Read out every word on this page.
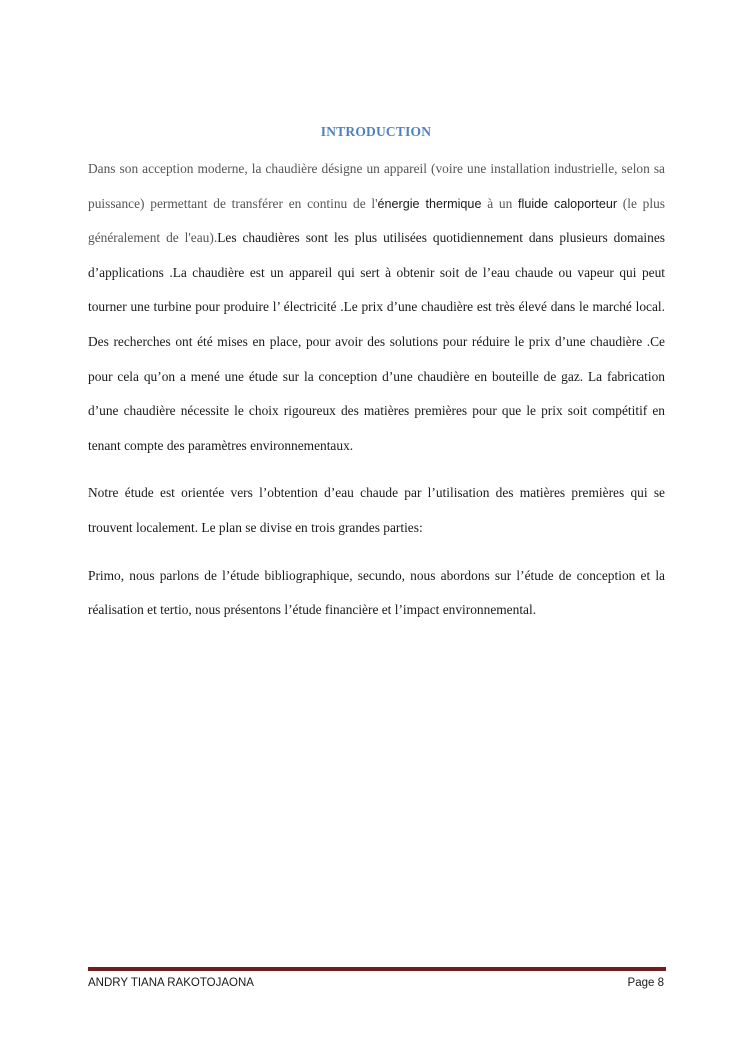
INTRODUCTION

Dans son acception moderne, la chaudière désigne un appareil (voire une installation industrielle, selon sa puissance) permettant de transférer en continu de l'énergie thermique à un fluide caloporteur (le plus généralement de l'eau).Les chaudières sont les plus utilisées quotidiennement dans plusieurs domaines d’applications .La chaudière est un appareil qui sert à obtenir soit de l’eau chaude ou vapeur qui peut tourner une turbine pour produire l’ électricité .Le prix d’une chaudière est très élevé dans le marché local. Des recherches ont été mises en place, pour avoir des solutions pour réduire le prix d’une chaudière .Ce pour cela qu’on a mené une étude sur la conception d’une chaudière en bouteille de gaz. La fabrication d’une chaudière nécessite le choix rigoureux des matières premières pour que le prix soit compétitif en tenant compte des paramètres environnementaux.

Notre étude est orientée vers l’obtention d’eau chaude par l’utilisation des matières premières qui se trouvent localement. Le plan se divise en trois grandes parties:

Primo, nous parlons de l’étude bibliographique, secundo, nous abordons sur l’étude de conception et la réalisation et tertio, nous présentons l’étude financière et l’impact environnemental.

ANDRY TIANA RAKOTOJAONA	Page 8
